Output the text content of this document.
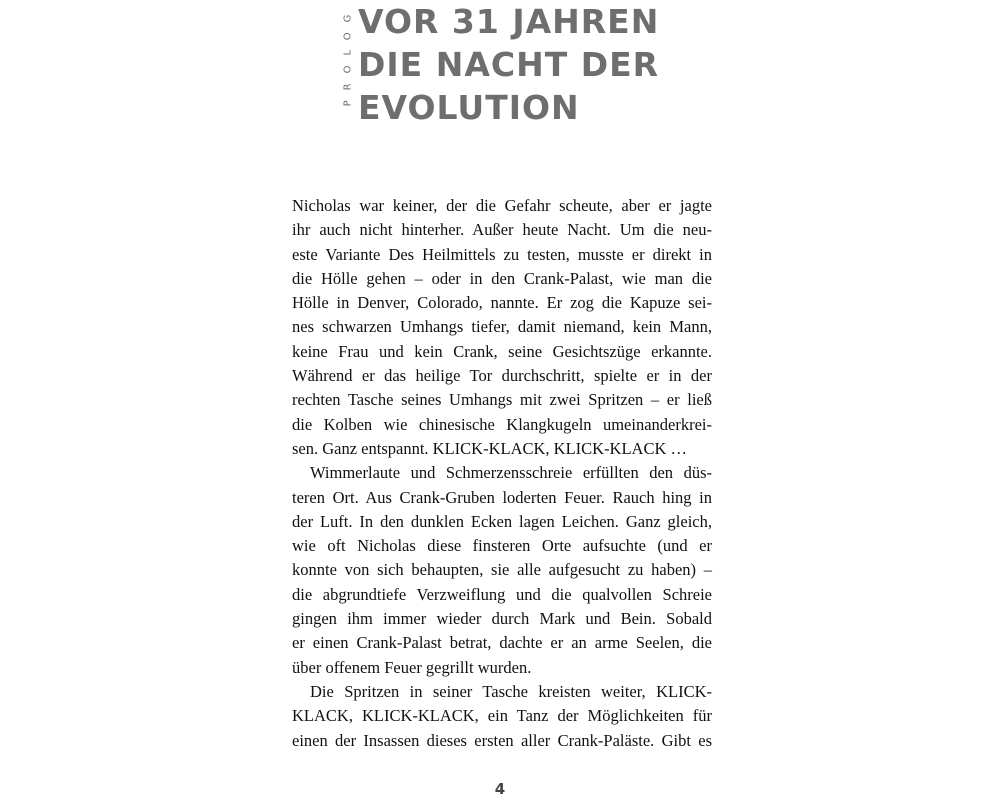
PROLOG VOR 31 JAHREN
DIE NACHT DER
EVOLUTION
Nicholas war keiner, der die Gefahr scheute, aber er jagte
ihr auch nicht hinterher. Außer heute Nacht. Um die neu-
este Variante Des Heilmittels zu testen, musste er direkt in
die Hölle gehen – oder in den Crank-Palast, wie man die
Hölle in Denver, Colorado, nannte. Er zog die Kapuze sei-
nes schwarzen Umhangs tiefer, damit niemand, kein Mann,
keine Frau und kein Crank, seine Gesichtszüge erkannte.
Während er das heilige Tor durchschritt, spielte er in der
rechten Tasche seines Umhangs mit zwei Spritzen – er ließ
die Kolben wie chinesische Klangkugeln umeinanderkrei-
sen. Ganz entspannt. KLICK-KLACK, KLICK-KLACK …
Wimmerlaute und Schmerzensschreie erfüllten den düs-
teren Ort. Aus Crank-Gruben loderten Feuer. Rauch hing in
der Luft. In den dunklen Ecken lagen Leichen. Ganz gleich,
wie oft Nicholas diese finsteren Orte aufsuchte (und er
konnte von sich behaupten, sie alle aufgesucht zu haben) –
die abgrundtiefe Verzweiflung und die qualvollen Schreie
gingen ihm immer wieder durch Mark und Bein. Sobald
er einen Crank-Palast betrat, dachte er an arme Seelen, die
über offenem Feuer gegrillt wurden.
Die Spritzen in seiner Tasche kreisten weiter, KLICK-
KLACK, KLICK-KLACK, ein Tanz der Möglichkeiten für
einen der Insassen dieses ersten aller Crank-Paläste. Gibt es
4
